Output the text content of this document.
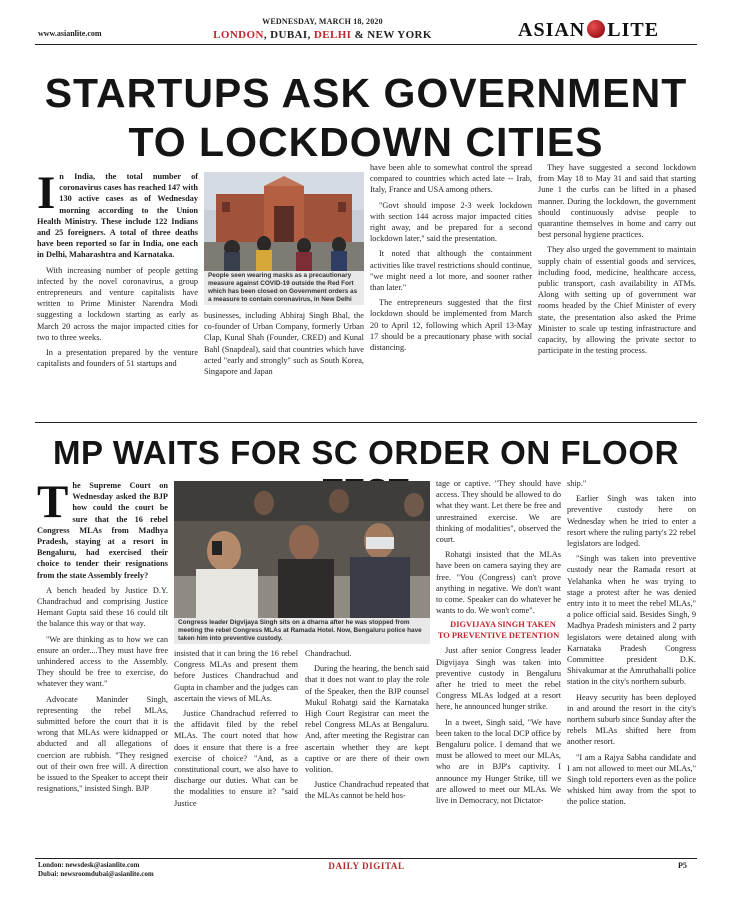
www.asianlite.com
WEDNESDAY, MARCH 18, 2020
LONDON, DUBAI, DELHI & NEW YORK	ASIAN LITE
STARTUPS ASK GOVERNMENT
TO LOCKDOWN CITIES

In India, the total number of coronavirus cases has reached 147 with 130 active cases as of Wednesday morning according to the Union Health Ministry. These include 122 Indians and 25 foreigners. A total of three deaths have been reported so far in India, one each in Delhi, Maharashtra and Karnataka.

With increasing number of people getting infected by the novel coronavirus, a group entrepreneurs and venture capitalists have written to Prime Minister Narendra Modi suggesting a lockdown starting as early as March 20 across the major impacted cities for two to three weeks.

In a presentation prepared by the venture capitalists and founders of 51 startups and

People seen wearing masks as a precautionary measure against COVID-19 outside the Red Fort which has been closed on Government orders as a measure to contain coronavirus, in New Delhi

businesses, including Abhiraj Singh Bhal, the co-founder of Urban Company, formerly Urban Clap, Kunal Shah (Founder, CRED) and Kunal Bahl (Snapdeal), said that countries which have acted "early and strongly" such as South Korea, Singapore and Japan

have been able to somewhat control the spread compared to countries which acted late -- Irab, Italy, France and USA among others.

"Govt should impose 2-3 week lockdown with section 144 across major impacted cities right away, and be prepared for a second lockdown later," said the presentation.

It noted that although the containment activities like travel restrictions should continue, "we might need a lot more, and sooner rather than later."

The entrepreneurs suggested that the first lockdown should be implemented from March 20 to April 12, following which April 13-May 17 should be a precautionary phase with social distancing.

They have suggested a second lockdown from May 18 to May 31 and said that starting June 1 the curbs can be lifted in a phased manner. During the lockdown, the government should continuously advise people to quarantine themselves in home and carry out best personal hygiene practices.

They also urged the government to maintain supply chain of essential goods and services, including food, medicine, healthcare access, public transport, cash availability in ATMs. Along with setting up of government war rooms headed by the Chief Minister of every state, the presentation also asked the Prime Minister to scale up testing infrastructure and capacity, by allowing the private sector to participate in the testing process.

MP WAITS FOR SC ORDER ON FLOOR

The Supreme Court on Wednesday asked the BJP how could the court be sure that the 16 rebel Congress MLAs from Madhya Pradesh, staying at a resort in Bengaluru, had exercised their choice to tender their resignations from the state Assembly freely?

A bench headed by Justice D.Y. Chandrachud and comprising Justice Hemant Gupta said these 16 could tilt the balance this way or that way.

"We are thinking as to how we can ensure an order....They must have free unhindered access to the Assembly. They should be free to exercise, do whatever they want."

Advocate Maninder Singh, representing the rebel MLAs, submitted before the court that it is wrong that MLAs were kidnapped or abducted and all allegations of coercion are rubbish. "They resigned out of their own free will. A direction be issued to the Speaker to accept their resignations," insisted Singh. BJP

Congress leader Digvijaya Singh sits on a dharna after he was stopped from meeting the rebel Congress MLAs at Ramada Hotel. Now, Bengaluru police have taken him into preventive custody.

insisted that it can bring the 16 rebel Congress MLAs and present them before Justices Chandrachud and Gupta in chamber and the judges can ascertain the views of MLAs.

Justice Chandrachud referred to the affidavit filed by the rebel MLAs. The court noted that how does it ensure that there is a free exercise of choice? "And, as a constitutional court, we also have to discharge our duties. What can be the modalities to ensure it? "said Justice

Chandrachud.

During the hearing, the bench said that it does not want to play the role of the Speaker, then the BJP counsel Mukul Rohatgi said the Karnataka High Court Registrar can meet the rebel Congress MLAs at Bengaluru. And, after meeting the Registrar can ascertain whether they are kept captive or are there of their own volition.

Justice Chandrachud repeated that the MLAs cannot be held hos-

tage or captive. "They should have access. They should be allowed to do what they want. Let there be free and unrestrained exercise. We are thinking of modalities", observed the court.

Rohatgi insisted that the MLAs have been on camera saying they are free. "You (Congress) can't prove anything in negative. We don't want to come. Speaker can do whatever he wants to do. We won't come".

DIGVIJAYA SINGH TAKEN TO PREVENTIVE DETENTION

Just after senior Congress leader Digvijaya Singh was taken into preventive custody in Bengaluru after he tried to meet the rebel Congress MLAs lodged at a resort here, he announced hunger strike.

In a tweet, Singh said, "We have been taken to the local DCP office by Bengaluru police. I demand that we must be allowed to meet our MLAs, who are in BJP's captivity. I announce my Hunger Strike, till we are allowed to meet our MLAs. We live in Democracy, not Dictator-

ship."

Earlier Singh was taken into preventive custody here on Wednesday when he tried to enter a resort where the ruling party's 22 rebel legislators are lodged.

"Singh was taken into preventive custody near the Ramada resort at Yelahanka when he was trying to stage a protest after he was denied entry into it to meet the rebel MLAs," a police official said. Besides Singh, 9 Madhya Pradesh ministers and 2 party legislators were detained along with Karnataka Pradesh Congress Committee president D.K. Shivakumar at the Amruthahalli police station in the city's northern suburb.

Heavy security has been deployed in and around the resort in the city's northern suburb since Sunday after the rebels MLAs shifted here from another resort.

"I am a Rajya Sabha candidate and I am not allowed to meet our MLAs," Singh told reporters even as the police whisked him away from the spot to the police station.

London: newsdesk@asianlite.com
Dubai: newsroomdubai@asianlite.com
DAILY DIGITAL	P5
